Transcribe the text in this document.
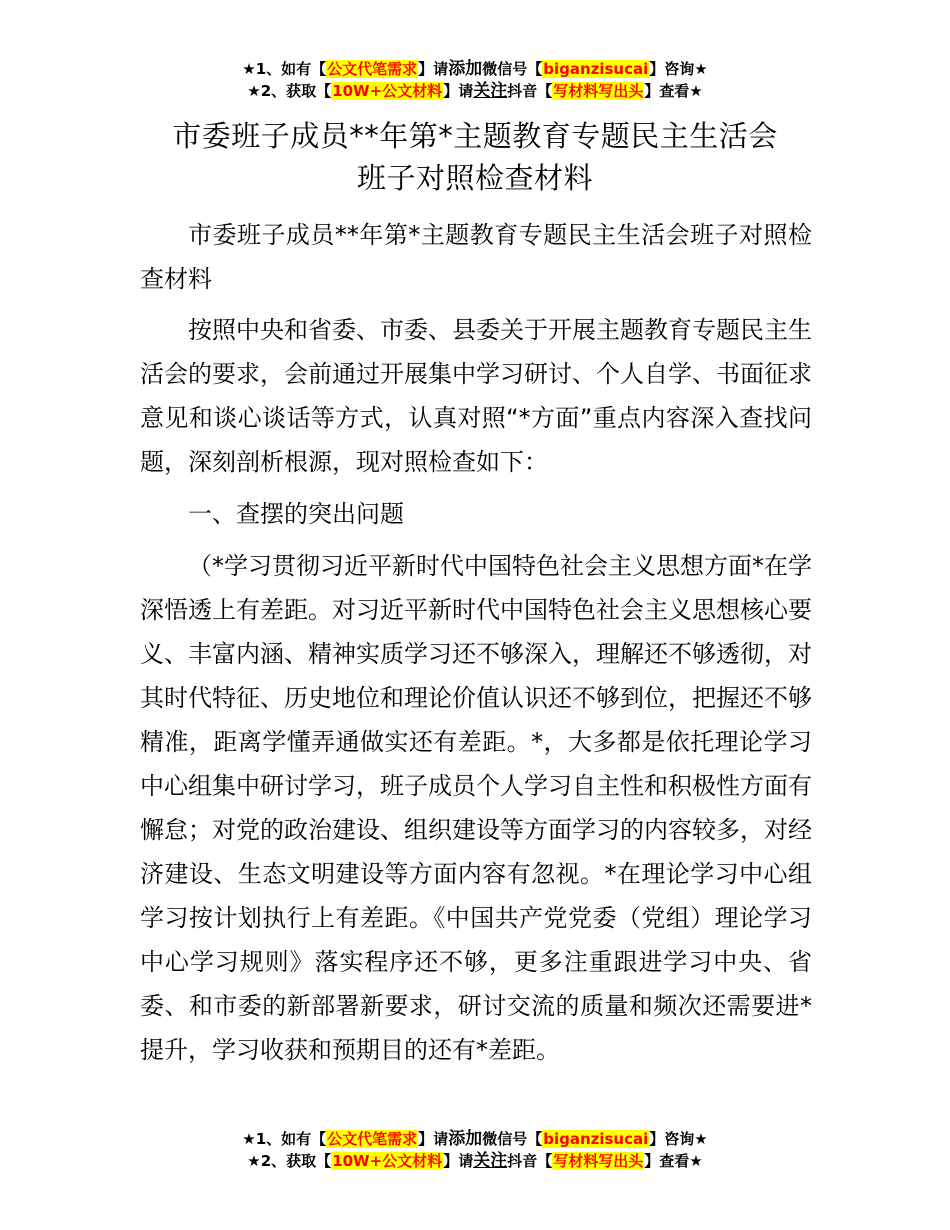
★1、如有【公文代笔需求】请添加微信号【biganzisucai】咨询★
★2、获取【10W+公文材料】请关注抖音【写材料写出头】查看★
市委班子成员**年第*主题教育专题民主生活会
班子对照检查材料

市委班子成员**年第*主题教育专题民主生活会班子对照检查材料

按照中央和省委、市委、县委关于开展主题教育专题民主生活会的要求，会前通过开展集中学习研讨、个人自学、书面征求意见和谈心谈话等方式，认真对照“*方面”重点内容深入查找问题，深刻剖析根源，现对照检查如下：

一、查摆的突出问题

（*学习贯彻习近平新时代中国特色社会主义思想方面*在学深悟透上有差距。对习近平新时代中国特色社会主义思想核心要义、丰富内涵、精神实质学习还不够深入，理解还不够透彻，对其时代特征、历史地位和理论价值认识还不够到位，把握还不够精准，距离学懂弄通做实还有差距。*，大多都是依托理论学习中心组集中研讨学习，班子成员个人学习自主性和积极性方面有懈怠；对党的政治建设、组织建设等方面学习的内容较多，对经济建设、生态文明建设等方面内容有忽视。*在理论学习中心组学习按计划执行上有差距。《中国共产党党委（党组）理论学习中心学习规则》落实程序还不够，更多注重跟进学习中央、省委、和市委的新部署新要求，研讨交流的质量和频次还需要进*提升，学习收获和预期目的还有*差距。

★1、如有【公文代笔需求】请添加微信号【biganzisucai】咨询★
★2、获取【10W+公文材料】请关注抖音【写材料写出头】查看★
